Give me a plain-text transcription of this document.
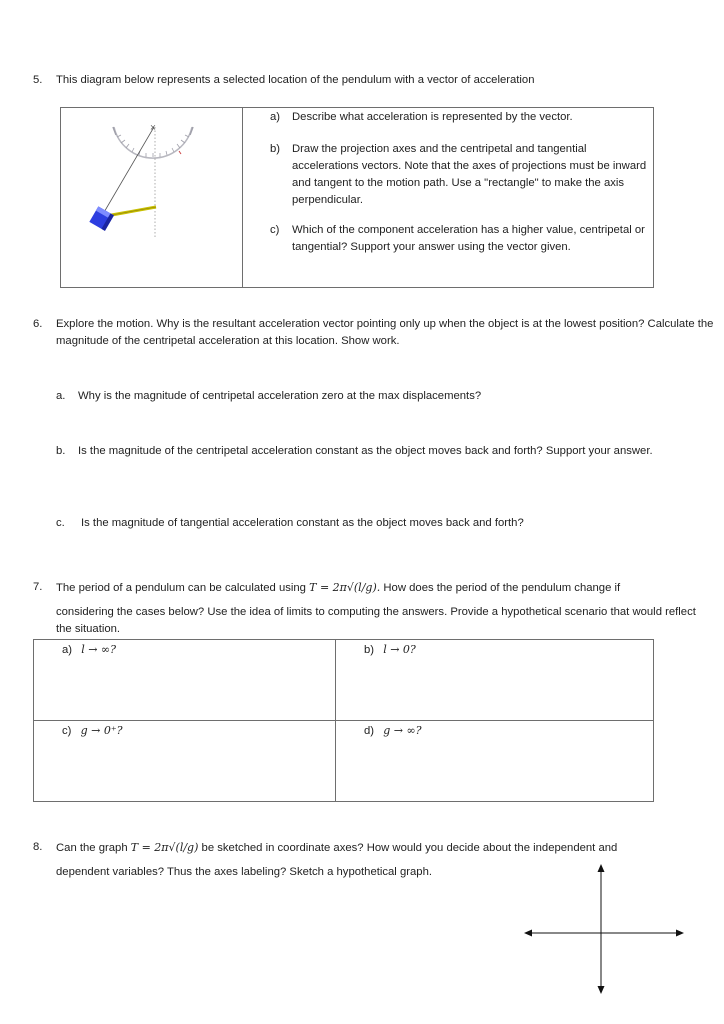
5. This diagram below represents a selected location of the pendulum with a vector of acceleration
×
a) Describe what acceleration is represented by the vector.
b) Draw the projection axes and the centripetal and tangential accelerations vectors. Note that the axes of projections must be inward and tangent to the motion path. Use a "rectangle" to make the axis perpendicular.
c) Which of the component acceleration has a higher value, centripetal or tangential? Support your answer using the vector given.
6. Explore the motion. Why is the resultant acceleration vector pointing only up when the object is at the lowest position? Calculate the magnitude of the centripetal acceleration at this location. Show work.
a. Why is the magnitude of centripetal acceleration zero at the max displacements?
b. Is the magnitude of the centripetal acceleration constant as the object moves back and forth? Support your answer.
c. Is the magnitude of tangential acceleration constant as the object moves back and forth?
7. The period of a pendulum can be calculated using T = 2π√(l/g). How does the period of the pendulum change if
considering the cases below? Use the idea of limits to computing the answers. Provide a hypothetical scenario that would reflect the situation.
a) l → ∞?	b) l → 0?
c) g → 0⁺?	d) g → ∞?
8. Can the graph T = 2π√(l/g) be sketched in coordinate axes? How would you decide about the independent and
dependent variables? Thus the axes labeling? Sketch a hypothetical graph.
